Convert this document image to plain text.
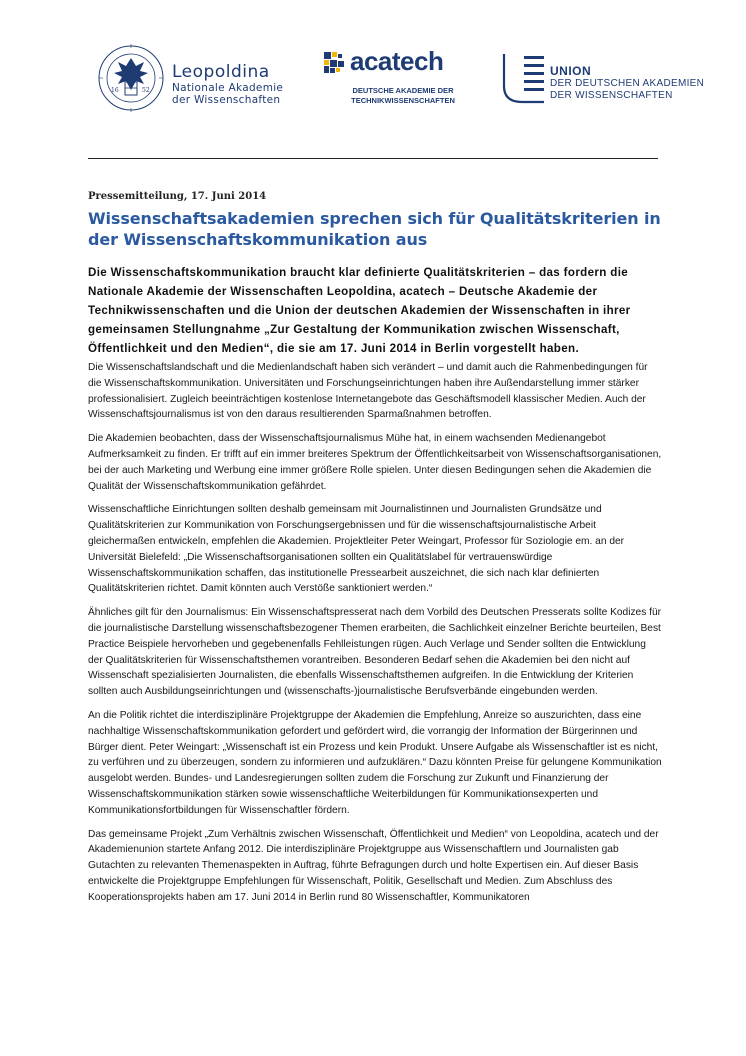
16	52
Leopoldina
Nationale Akademie
der Wissenschaften
acatech
DEUTSCHE AKADEMIE DER
TECHNIKWISSENSCHAFTEN
UNION
DER DEUTSCHEN AKADEMIEN
DER WISSENSCHAFTEN

Pressemitteilung, 17. Juni 2014

Wissenschaftsakademien sprechen sich für Qualitätskriterien in der Wissenschaftskommunikation aus

Die Wissenschaftskommunikation braucht klar definierte Qualitätskriterien – das fordern die Nationale Akademie der Wissenschaften Leopoldina, acatech – Deutsche Akademie der Technikwissenschaften und die Union der deutschen Akademien der Wissenschaften in ihrer gemeinsamen Stellungnahme „Zur Gestaltung der Kommunikation zwischen Wissenschaft, Öffentlichkeit und den Medien“, die sie am 17. Juni 2014 in Berlin vorgestellt haben.

Die Wissenschaftslandschaft und die Medienlandschaft haben sich verändert – und damit auch die Rahmenbedingungen für die Wissenschaftskommunikation. Universitäten und Forschungseinrichtungen haben ihre Außendarstellung immer stärker professionalisiert. Zugleich beeinträchtigen kostenlose Internetangebote das Geschäftsmodell klassischer Medien. Auch der Wissenschaftsjournalismus ist von den daraus resultierenden Sparmaßnahmen betroffen.

Die Akademien beobachten, dass der Wissenschaftsjournalismus Mühe hat, in einem wachsenden Medienangebot Aufmerksamkeit zu finden. Er trifft auf ein immer breiteres Spektrum der Öffentlichkeitsarbeit von Wissenschaftsorganisationen, bei der auch Marketing und Werbung eine immer größere Rolle spielen. Unter diesen Bedingungen sehen die Akademien die Qualität der Wissenschaftskommunikation gefährdet.

Wissenschaftliche Einrichtungen sollten deshalb gemeinsam mit Journalistinnen und Journalisten Grundsätze und Qualitätskriterien zur Kommunikation von Forschungsergebnissen und für die wissenschaftsjournalistische Arbeit gleichermaßen entwickeln, empfehlen die Akademien. Projektleiter Peter Weingart, Professor für Soziologie em. an der Universität Bielefeld: „Die Wissenschaftsorganisationen sollten ein Qualitätslabel für vertrauenswürdige Wissenschaftskommunikation schaffen, das institutionelle Pressearbeit auszeichnet, die sich nach klar definierten Qualitätskriterien richtet. Damit könnten auch Verstöße sanktioniert werden.“

Ähnliches gilt für den Journalismus: Ein Wissenschaftspresserat nach dem Vorbild des Deutschen Presserats sollte Kodizes für die journalistische Darstellung wissenschaftsbezogener Themen erarbeiten, die Sachlichkeit einzelner Berichte beurteilen, Best Practice Beispiele hervorheben und gegebenenfalls Fehlleistungen rügen. Auch Verlage und Sender sollten die Entwicklung der Qualitätskriterien für Wissenschaftsthemen vorantreiben. Besonderen Bedarf sehen die Akademien bei den nicht auf Wissenschaft spezialisierten Journalisten, die ebenfalls Wissenschaftsthemen aufgreifen. In die Entwicklung der Kriterien sollten auch Ausbildungseinrichtungen und (wissenschafts-)journalistische Berufsverbände eingebunden werden.

An die Politik richtet die interdisziplinäre Projektgruppe der Akademien die Empfehlung, Anreize so auszurichten, dass eine nachhaltige Wissenschaftskommunikation gefordert und gefördert wird, die vorrangig der Information der Bürgerinnen und Bürger dient. Peter Weingart: „Wissenschaft ist ein Prozess und kein Produkt. Unsere Aufgabe als Wissenschaftler ist es nicht, zu verführen und zu überzeugen, sondern zu informieren und aufzuklären.“ Dazu könnten Preise für gelungene Kommunikation ausgelobt werden. Bundes- und Landesregierungen sollten zudem die Forschung zur Zukunft und Finanzierung der Wissenschaftskommunikation stärken sowie wissenschaftliche Weiterbildungen für Kommunikationsexperten und Kommunikationsfortbildungen für Wissenschaftler fördern.

Das gemeinsame Projekt „Zum Verhältnis zwischen Wissenschaft, Öffentlichkeit und Medien“ von Leopoldina, acatech und der Akademienunion startete Anfang 2012. Die interdisziplinäre Projektgruppe aus Wissenschaftlern und Journalisten gab Gutachten zu relevanten Themenaspekten in Auftrag, führte Befragungen durch und holte Expertisen ein. Auf dieser Basis entwickelte die Projektgruppe Empfehlungen für Wissenschaft, Politik, Gesellschaft und Medien. Zum Abschluss des Kooperationsprojekts haben am 17. Juni 2014 in Berlin rund 80 Wissenschaftler, Kommunikatoren
